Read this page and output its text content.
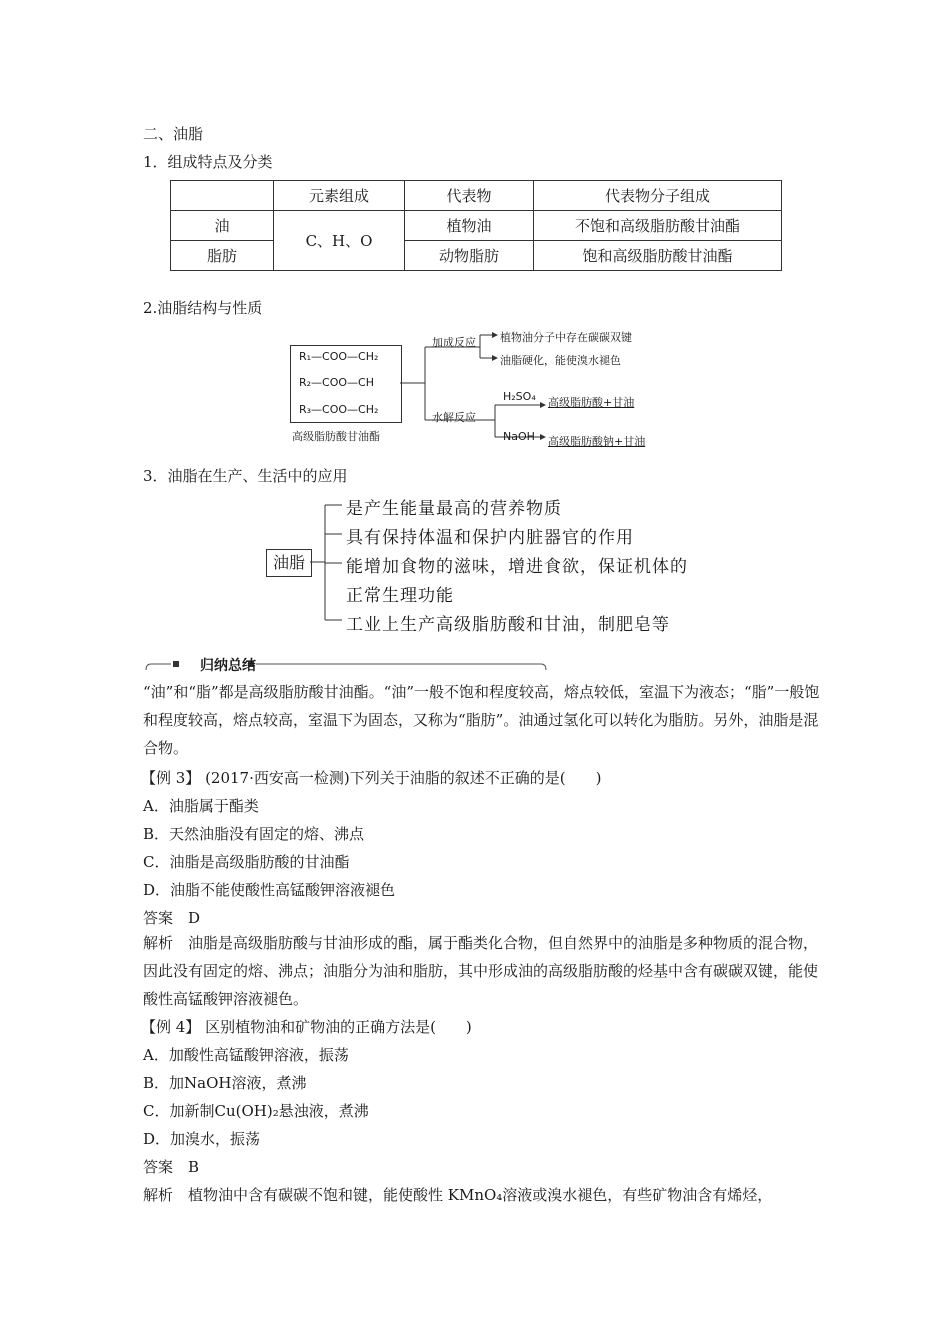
二、油脂
1．组成特点及分类
	元素组成	代表物	代表物分子组成
油	C、H、O	植物油	不饱和高级脂肪酸甘油酯
脂肪		动物脂肪	饱和高级脂肪酸甘油酯
2.油脂结构与性质
R₁—COO—CH₂
R₂—COO—CH
R₃—COO—CH₂
高级脂肪酸甘油酯
加成反应 植物油分子中存在碳碳双键
油脂硬化，能使溴水褪色
水解反应
H₂SO₄ 高级脂肪酸+甘油
NaOH 高级脂肪酸钠+甘油
3．油脂在生产、生活中的应用
油脂
是产生能量最高的营养物质
具有保持体温和保护内脏器官的作用
能增加食物的滋味，增进食欲，保证机体的
正常生理功能
工业上生产高级脂肪酸和甘油，制肥皂等
归纳总结
“油”和“脂”都是高级脂肪酸甘油酯。“油”一般不饱和程度较高，熔点较低，室温下为液态；“脂”一般饱和程度较高，熔点较高，室温下为固态，又称为“脂肪”。油通过氢化可以转化为脂肪。另外，油脂是混合物。
【例 3】 (2017·西安高一检测)下列关于油脂的叙述不正确的是(　　)
A．油脂属于酯类
B．天然油脂没有固定的熔、沸点
C．油脂是高级脂肪酸的甘油酯
D．油脂不能使酸性高锰酸钾溶液褪色
答案　D
解析　油脂是高级脂肪酸与甘油形成的酯，属于酯类化合物，但自然界中的油脂是多种物质的混合物，因此没有固定的熔、沸点；油脂分为油和脂肪，其中形成油的高级脂肪酸的烃基中含有碳碳双键，能使酸性高锰酸钾溶液褪色。
【例 4】 区别植物油和矿物油的正确方法是(　　)
A．加酸性高锰酸钾溶液，振荡
B．加NaOH溶液，煮沸
C．加新制Cu(OH)₂悬浊液，煮沸
D．加溴水，振荡
答案　B
解析　植物油中含有碳碳不饱和键，能使酸性 KMnO₄溶液或溴水褪色，有些矿物油含有烯烃，
